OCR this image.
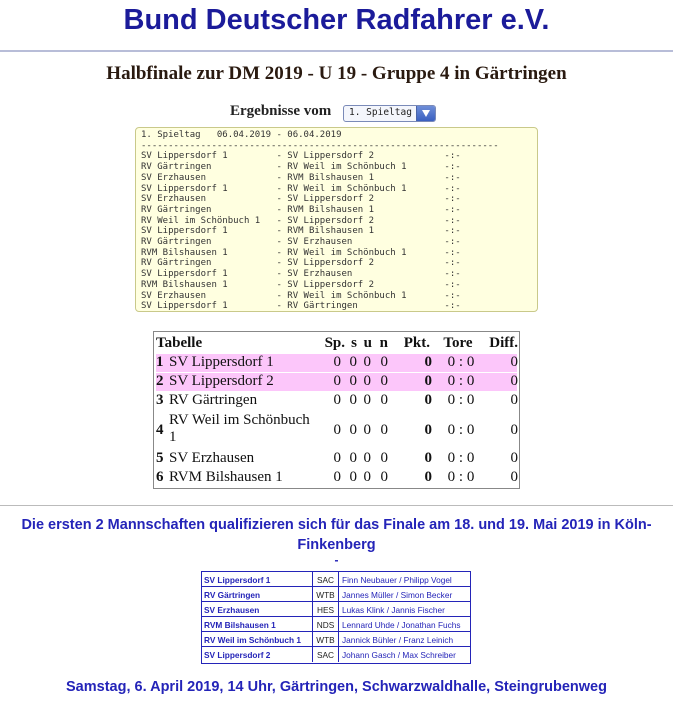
Bund Deutscher Radfahrer e.V.
Halbfinale zur DM 2019 - U 19 - Gruppe 4 in Gärtringen
Ergebnisse vom 1. Spieltag
1. Spieltag   06.04.2019 - 06.04.2019
------------------------------------------------------------------
SV Lippersdorf 1         - SV Lippersdorf 2             -:-
RV Gärtringen            - RV Weil im Schönbuch 1       -:-
SV Erzhausen             - RVM Bilshausen 1             -:-
SV Lippersdorf 1         - RV Weil im Schönbuch 1       -:-
SV Erzhausen             - SV Lippersdorf 2             -:-
RV Gärtringen            - RVM Bilshausen 1             -:-
RV Weil im Schönbuch 1   - SV Lippersdorf 2             -:-
SV Lippersdorf 1         - RVM Bilshausen 1             -:-
RV Gärtringen            - SV Erzhausen                 -:-
RVM Bilshausen 1         - RV Weil im Schönbuch 1       -:-
RV Gärtringen            - SV Lippersdorf 2             -:-
SV Lippersdorf 1         - SV Erzhausen                 -:-
RVM Bilshausen 1         - SV Lippersdorf 2             -:-
SV Erzhausen             - RV Weil im Schönbuch 1       -:-
SV Lippersdorf 1         - RV Gärtringen                -:-
Tabelle	Sp. s u n	Pkt. Tore	Diff.
1 SV Lippersdorf 1	0 0 0 0	0 0 : 0	0
2 SV Lippersdorf 2	0 0 0 0	0 0 : 0	0
3 RV Gärtringen	0 0 0 0	0 0 : 0	0
4
RV Weil im Schönbuch
1	0 0 0 0	0 0 : 0	0
5 SV Erzhausen	0 0 0 0	0 0 : 0	0
6 RVM Bilshausen 1	0 0 0 0	0 0 : 0	0
Die ersten 2 Mannschaften qualifizieren sich für das Finale am 18. und 19. Mai 2019 in Köln-Finkenberg
-
SV Lippersdorf 1	SAC Finn Neubauer / Philipp Vogel
RV Gärtringen	WTB Jannes Müller / Simon Becker
SV Erzhausen	HES Lukas Klink / Jannis Fischer
RVM Bilshausen 1	NDS Lennard Uhde / Jonathan Fuchs
RV Weil im Schönbuch 1	WTB Jannick Bühler / Franz Leinich
SV Lippersdorf 2	SAC Johann Gasch / Max Schreiber
Samstag, 6. April 2019, 14 Uhr, Gärtringen, Schwarzwaldhalle, Steingrubenweg
